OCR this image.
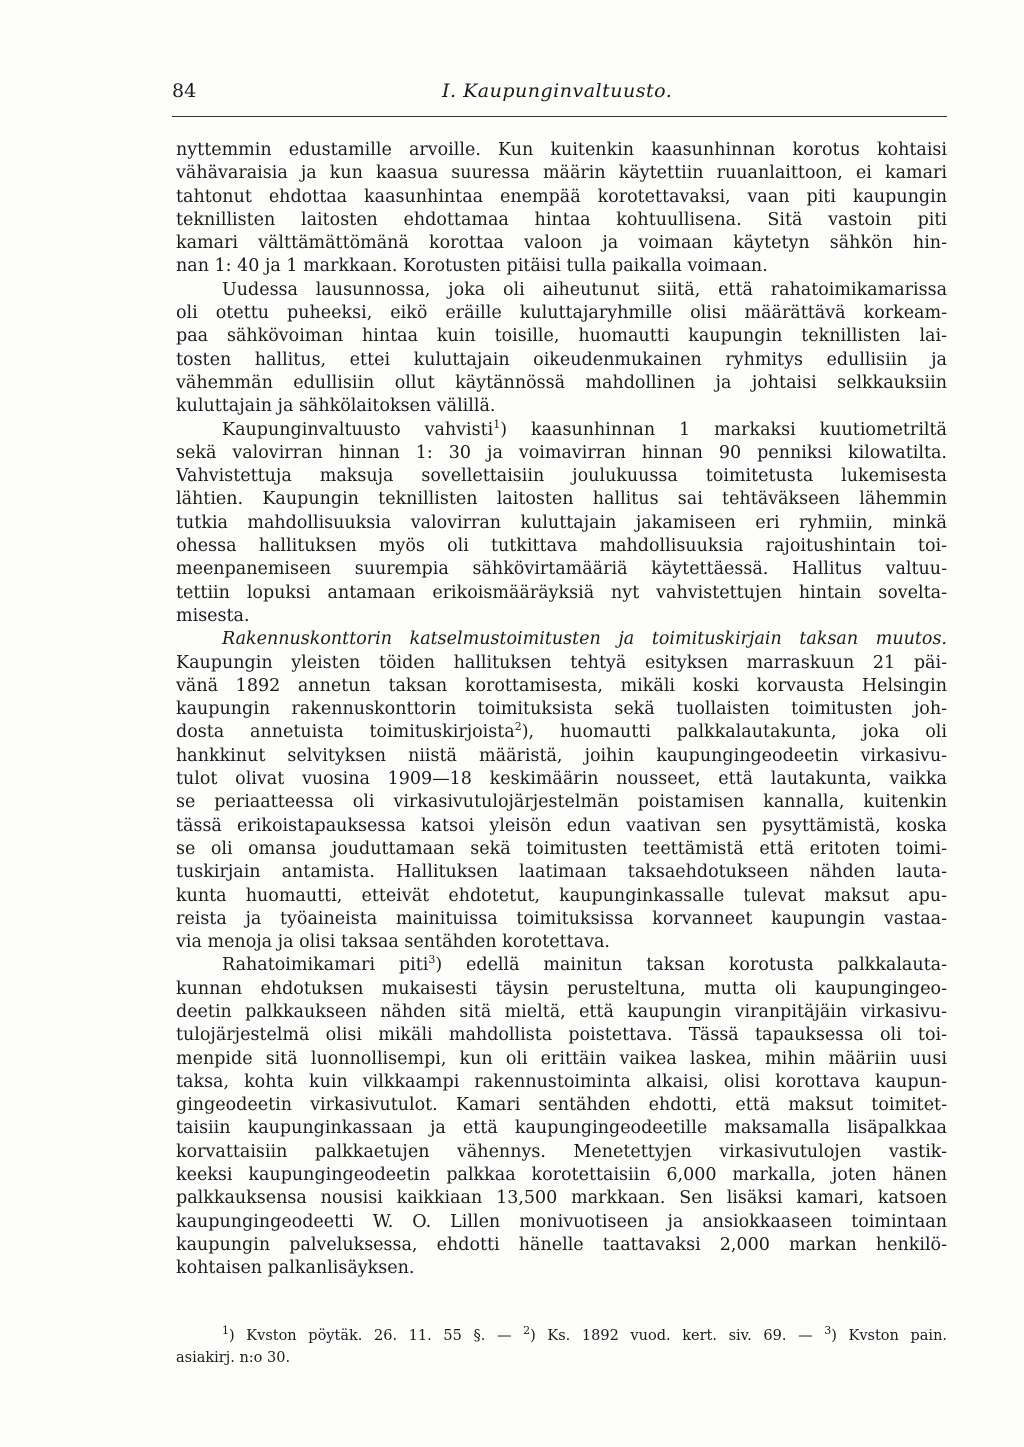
84	I. Kaupunginvaltuusto.
nyttemmin edustamille arvoille. Kun kuitenkin kaasunhinnan korotus kohtaisi
vähävaraisia ja kun kaasua suuressa määrin käytettiin ruuanlaittoon, ei kamari
tahtonut ehdottaa kaasunhintaa enempää korotettavaksi, vaan piti kaupungin
teknillisten laitosten ehdottamaa hintaa kohtuullisena. Sitä vastoin piti
kamari välttämättömänä korottaa valoon ja voimaan käytetyn sähkön hin-
nan 1: 40 ja 1 markkaan. Korotusten pitäisi tulla paikalla voimaan.
Uudessa lausunnossa, joka oli aiheutunut siitä, että rahatoimikamarissa
oli otettu puheeksi, eikö eräille kuluttajaryhmille olisi määrättävä korkeam-
paa sähkövoiman hintaa kuin toisille, huomautti kaupungin teknillisten lai-
tosten hallitus, ettei kuluttajain oikeudenmukainen ryhmitys edullisiin ja
vähemmän edullisiin ollut käytännössä mahdollinen ja johtaisi selkkauksiin
kuluttajain ja sähkölaitoksen välillä.
Kaupunginvaltuusto vahvisti$^1$) kaasunhinnan 1 markaksi kuutiometriltä
sekä valovirran hinnan 1: 30 ja voimavirran hinnan 90 penniksi kilowatilta.
Vahvistettuja maksuja sovellettaisiin joulukuussa toimitetusta lukemisesta
lähtien. Kaupungin teknillisten laitosten hallitus sai tehtäväkseen lähemmin
tutkia mahdollisuuksia valovirran kuluttajain jakamiseen eri ryhmiin, minkä
ohessa hallituksen myös oli tutkittava mahdollisuuksia rajoitushintain toi-
meenpanemiseen suurempia sähkövirtamääriä käytettäessä. Hallitus valtuu-
tettiin lopuksi antamaan erikoismääräyksiä nyt vahvistettujen hintain sovelta-
misesta.
Rakennuskonttorin katselmustoimitusten ja toimituskirjain taksan muutos.
Kaupungin yleisten töiden hallituksen tehtyä esityksen marraskuun 21 päi-
vänä 1892 annetun taksan korottamisesta, mikäli koski korvausta Helsingin
kaupungin rakennuskonttorin toimituksista sekä tuollaisten toimitusten joh-
dosta annetuista toimituskirjoista$^2$), huomautti palkkalautakunta, joka oli
hankkinut selvityksen niistä määristä, joihin kaupungingeodeetin virkasivu-
tulot olivat vuosina 1909—18 keskimäärin nousseet, että lautakunta, vaikka
se periaatteessa oli virkasivutulojärjestelmän poistamisen kannalla, kuitenkin
tässä erikoistapauksessa katsoi yleisön edun vaativan sen pysyttämistä, koska
se oli omansa jouduttamaan sekä toimitusten teettämistä että eritoten toimi-
tuskirjain antamista. Hallituksen laatimaan taksaehdotukseen nähden lauta-
kunta huomautti, etteivät ehdotetut, kaupunginkassalle tulevat maksut apu-
reista ja työaineista mainituissa toimituksissa korvanneet kaupungin vastaa-
via menoja ja olisi taksaa sentähden korotettava.
Rahatoimikamari piti$^3$) edellä mainitun taksan korotusta palkkalauta-
kunnan ehdotuksen mukaisesti täysin perusteltuna, mutta oli kaupungingeo-
deetin palkkaukseen nähden sitä mieltä, että kaupungin viranpitäjäin virkasivu-
tulojärjestelmä olisi mikäli mahdollista poistettava. Tässä tapauksessa oli toi-
menpide sitä luonnollisempi, kun oli erittäin vaikea laskea, mihin määriin uusi
taksa, kohta kuin vilkkaampi rakennustoiminta alkaisi, olisi korottava kaupun-
gingeodeetin virkasivutulot. Kamari sentähden ehdotti, että maksut toimitet-
taisiin kaupunginkassaan ja että kaupungingeodeetille maksamalla lisäpalkkaa
korvattaisiin palkkaetujen vähennys. Menetettyjen virkasivutulojen vastik-
keeksi kaupungingeodeetin palkkaa korotettaisiin 6,000 markalla, joten hänen
palkkauksensa nousisi kaikkiaan 13,500 markkaan. Sen lisäksi kamari, katsoen
kaupungingeodeetti W. O. Lillen monivuotiseen ja ansiokkaaseen toimintaan
kaupungin palveluksessa, ehdotti hänelle taattavaksi 2,000 markan henkilö-
kohtaisen palkanlisäyksen.
$^1$) Kvston pöytäk. 26. 11. 55 §. — $^2$) Ks. 1892 vuod. kert. siv. 69. — $^3$) Kvston pain.
asiakirj. n:o 30.
